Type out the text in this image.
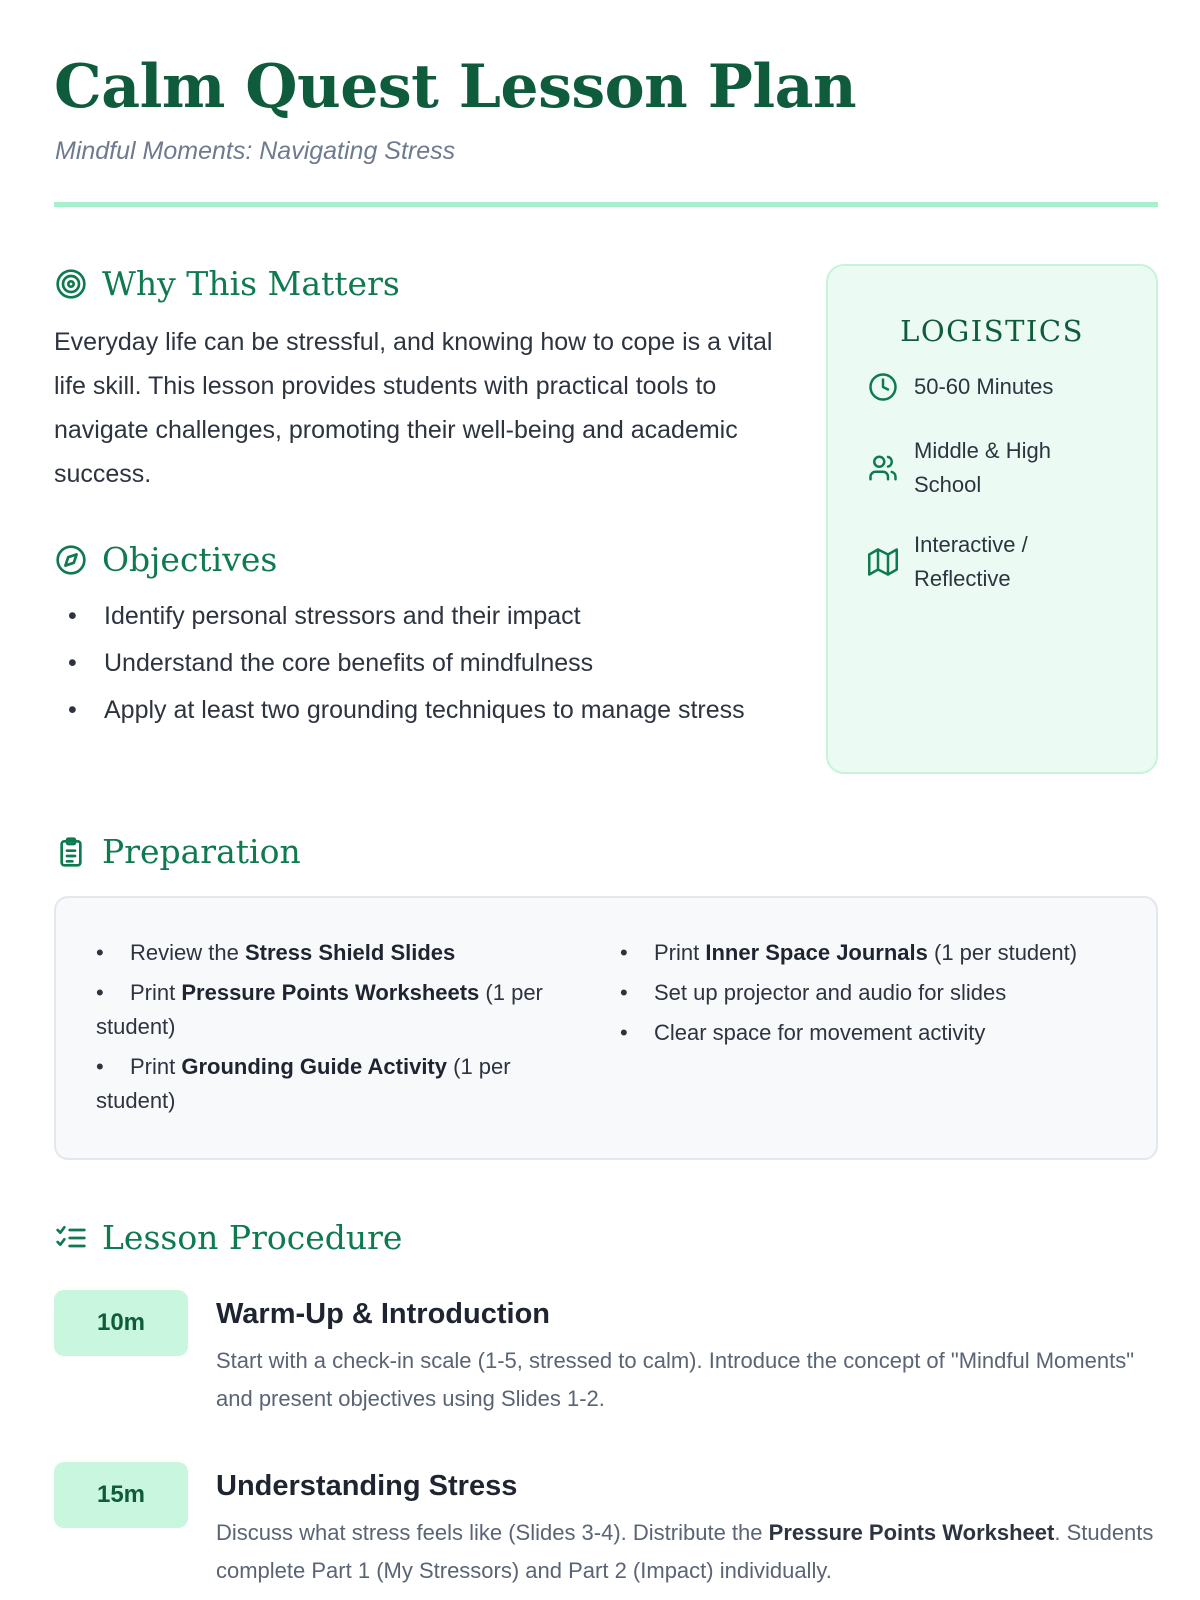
Calm Quest Lesson Plan
Mindful Moments: Navigating Stress
Why This Matters

Everyday life can be stressful, and knowing how to cope is a vital life skill. This lesson provides students with practical tools to navigate challenges, promoting their well-being and academic success.

Objectives
• Identify personal stressors and their impact
• Understand the core benefits of mindfulness
• Apply at least two grounding techniques to manage stress
LOGISTICS
50-60 Minutes
Middle & High School
Interactive / Reflective
Preparation
• Review the Stress Shield Slides
• Print Pressure Points Worksheets (1 per student)
• Print Grounding Guide Activity (1 per student)
• Print Inner Space Journals (1 per student)
• Set up projector and audio for slides
• Clear space for movement activity
Lesson Procedure
10m	Warm-Up & Introduction

Start with a check-in scale (1-5, stressed to calm). Introduce the concept of "Mindful Moments" and present objectives using Slides 1-2.

15m	Understanding Stress

Discuss what stress feels like (Slides 3-4). Distribute the Pressure Points Worksheet. Students complete Part 1 (My Stressors) and Part 2 (Impact) individually.
